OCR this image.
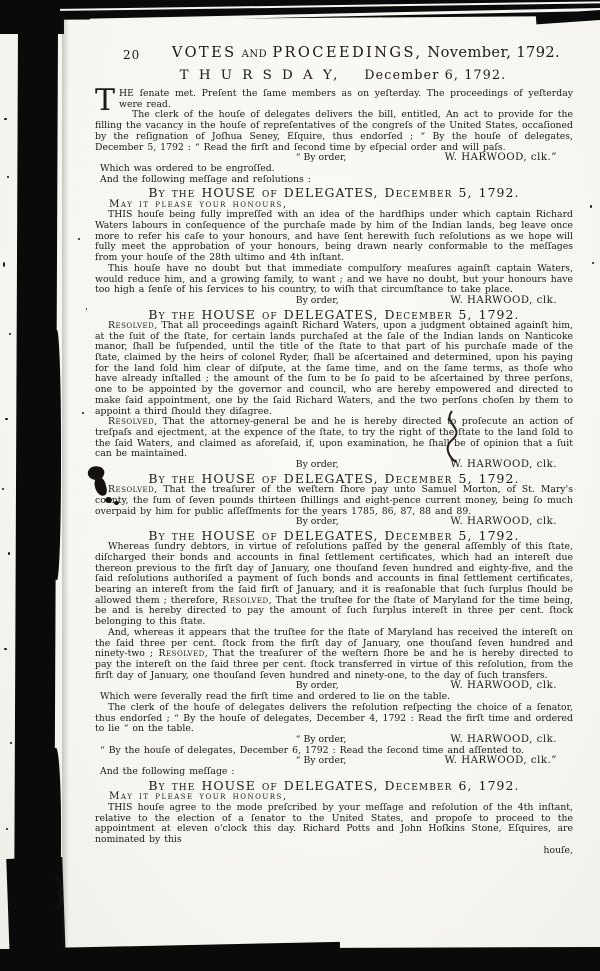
20	VOTES and PROCEEDINGS, November, 1792.
T H U R S D A Y, December 6, 1792.
THE ſenate met. Preſent the ſame members as on yeſterday. The proceedings of yeſterday were read.
The clerk of the houſe of delegates delivers the bill, entitled, An act to provide for the filling the vacancy in the houſe of repreſentatives of the congreſs of the United States, occaſioned by the reſignation of Joſhua Seney, Eſquire, thus endorſed ; “ By the houſe of delegates, December 5, 1792 : “ Read the firſt and ſecond time by eſpecial order and will paſs.
“ By order,	W. HARWOOD, clk.”
Which was ordered to be engroſſed.
And the following meſſage and reſolutions :
By the HOUSE of DELEGATES, December 5, 1792.
May it please your honours,
THIS houſe being fully impreſſed with an idea of the hardſhips under which captain Richard Waters labours in conſequence of the purchaſe made by him of the Indian lands, beg leave once more to refer his caſe to your honours, and have ſent herewith ſuch reſolutions as we hope will fully meet the approbation of your honours, being drawn nearly conformable to the meſſages from your houſe of the 28th ultimo and 4th inſtant.
This houſe have no doubt but that immediate compulſory meaſures againſt captain Waters, would reduce him, and a growing family, to want ; and we have no doubt, but your honours have too high a ſenſe of his ſervices to his country, to wiſh that circumſtance to take place.
By order,	W. HARWOOD, clk.
By the HOUSE of DELEGATES, December 5, 1792.
Resolved, That all proceedings againſt Richard Waters, upon a judgment obtained againſt him, at the ſuit of the ſtate, for certain lands purchaſed at the ſale of the Indian lands on Nanticoke manor, ſhall be ſuſpended, until the title of the ſtate to that part of his purchaſe made of the ſtate, claimed by the heirs of colonel Ryder, ſhall be aſcertained and determined, upon his paying for the land ſold him clear of diſpute, at the ſame time, and on the ſame terms, as thoſe who have already inſtalled ; the amount of the ſum to be ſo paid to be aſcertained by three perſons, one to be appointed by the governor and council, who are hereby empowered and directed to make ſaid appointment, one by the ſaid Richard Waters, and the two perſons choſen by them to appoint a third ſhould they diſagree.
Resolved, That the attorney-general be and he is hereby directed to proſecute an action of treſpaſs and ejectment, at the expence of the ſtate, to try the right of the ſtate to the land ſold to the ſaid Waters, and claimed as aforeſaid, if, upon examination, he ſhall be of opinion that a ſuit can be maintained.
By order,	W. HARWOOD, clk.
By the HOUSE of DELEGATES, December 5, 1792.
Resolved, That the treaſurer of the weſtern ſhore pay unto Samuel Morton, of St. Mary's county, the ſum of ſeven pounds thirteen ſhillings and eight-pence current money, being ſo much overpaid by him for public aſſeſſments for the years 1785, 86, 87, 88 and 89.
By order,	W. HARWOOD, clk.
By the HOUSE of DELEGATES, December 5, 1792.
Whereas ſundry debtors, in virtue of reſolutions paſſed by the general aſſembly of this ſtate, diſcharged their bonds and accounts in final ſettlement certificates, which had an intereſt due thereon previous to the firſt day of January, one thouſand ſeven hundred and eighty-five, and the ſaid reſolutions authoriſed a payment of ſuch bonds and accounts in final ſettlement certificates, bearing an intereſt from the ſaid firſt of January, and it is reaſonable that ſuch ſurplus ſhould be allowed them ; therefore, Resolved, That the truſtee for the ſtate of Maryland for the time being, be and is hereby directed to pay the amount of ſuch ſurplus intereſt in three per cent. ſtock belonging to this ſtate.
And, whereas it appears that the truſtee for the ſtate of Maryland has received the intereſt on the ſaid three per cent. ſtock from the firſt day of January, one thouſand ſeven hundred and ninety-two ; Resolved, That the treaſurer of the weſtern ſhore be and he is hereby directed to pay the intereſt on the ſaid three per cent. ſtock transferred in virtue of this reſolution, from the firſt day of January, one thouſand ſeven hundred and ninety-one, to the day of ſuch transfers.
By order,	W. HARWOOD, clk.
Which were ſeverally read the firſt time and ordered to lie on the table.
The clerk of the houſe of delegates delivers the reſolution reſpecting the choice of a ſenator, thus endorſed ; “ By the houſe of delegates, December 4, 1792 : Read the firſt time and ordered to lie “ on the table.
“ By order,	W. HARWOOD, clk.
“ By the houſe of delegates, December 6, 1792 : Read the ſecond time and aſſented to.
“ By order,	W. HARWOOD, clk.”
And the following meſſage :
By the HOUSE of DELEGATES, December 6, 1792.
May it please your honours,
THIS houſe agree to the mode preſcribed by your meſſage and reſolution of the 4th inſtant, relative to the election of a ſenator to the United States, and propoſe to proceed to the appointment at eleven o'clock this day. Richard Potts and John Hoſkins Stone, Eſquires, are nominated by this
houſe,
